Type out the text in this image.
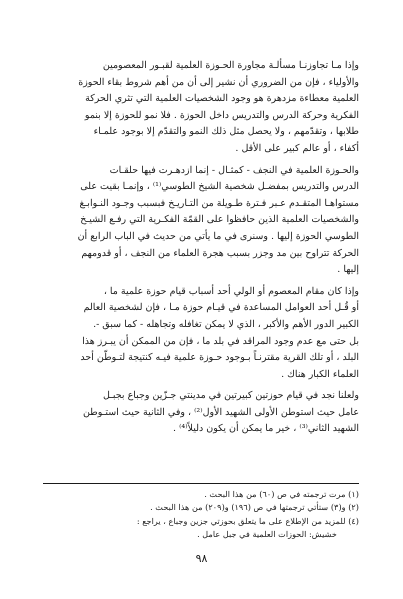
وإذا مـا تجاوزنـا مسألـة مجاورة الحـوزة العلمية لقبـور المعصومين

والأولياء ، فإن من الضروري أن نشير إلى أن من أهم شروط بقاء الحوزة

العلمية معطاءة مزدهرة هو وجود الشخصيات العلمية التي تثري الحركة

الفكرية وحركة الدرس والتدريس داخل الحوزة . فلا نمو للحوزة إلا بنمو

طلابها ، وتقدّمهم ، ولا يحصل مثل ذلك النمو والتقدّم إلا بوجود علمـاء

أكفاء ، أو عالم كبير على الأقل .

والحـوزة العلمية في النجف - كمثـال - إنما ازدهـرت فيها حلقـات

الدرس والتدريس بمفضـل شخصية الشيخ الطوسي⁽¹⁾ ، وإنمـا بقيت على

مستواهـا المتقـدم عـبر فـترة طـويلة من التـاريـخ فبسبب وجـود النـوابـغ

والشخصيات العلمية الذين حافظوا على القمّة الفكـرية التي رفـع الشيـخ

الطوسي الحوزة إليها . وسنرى في ما يأتي من حديث في الباب الرابع أن

الحركة تتراوح بين مد وجزر بسبب هجرة العلماء من النجف ، أو قدومهم

إليها .

وإذا كان مقام المعصوم أو الولي أحد أسباب قيام حوزة علمية ما ،

أو قُـل أحد العوامل المساعدة في قيـام حوزة مـا ، فإن لشخصية العالم

الكبير الدور الأهم والأكبر ، الذي لا يمكن تغافله وتجاهله - كما سبق -.

بل حتى مع عدم وجود المراقد في بلد ما ، فإن من الممكن أن يبـرز هذا

البلد ، أو تلك القرية مقترنـاً بـوجود حـوزة علمية فيـه كنتيجة لتـوطّن أحد

العلماء الكبار هناك .

ولعلنا نجد في قيام حوزتين كبيرتين في مدينتي جـزّين وجباع بجبـل

عامل حيث استوطن الأولى الشهيد الأول⁽²⁾ ، وفي الثانية حيث استـوطن

الشهيد الثاني⁽³⁾ ، خير ما يمكن أن يكون دليلاً⁽⁴⁾ .

(١) مرت ترجمته في ص (٦٠) من هذا البحث .

(٢) و(٣) ستأتي ترجمتها في ص (١٩٦) و(٢٠٩) من هذا البحث .

(٤) للمزيد من الإطلاع على ما يتعلق بحوزتي جزين وجباع ، يراجع :

خشيش: الحوزات العلمية في جبل عامل .

٩٨
